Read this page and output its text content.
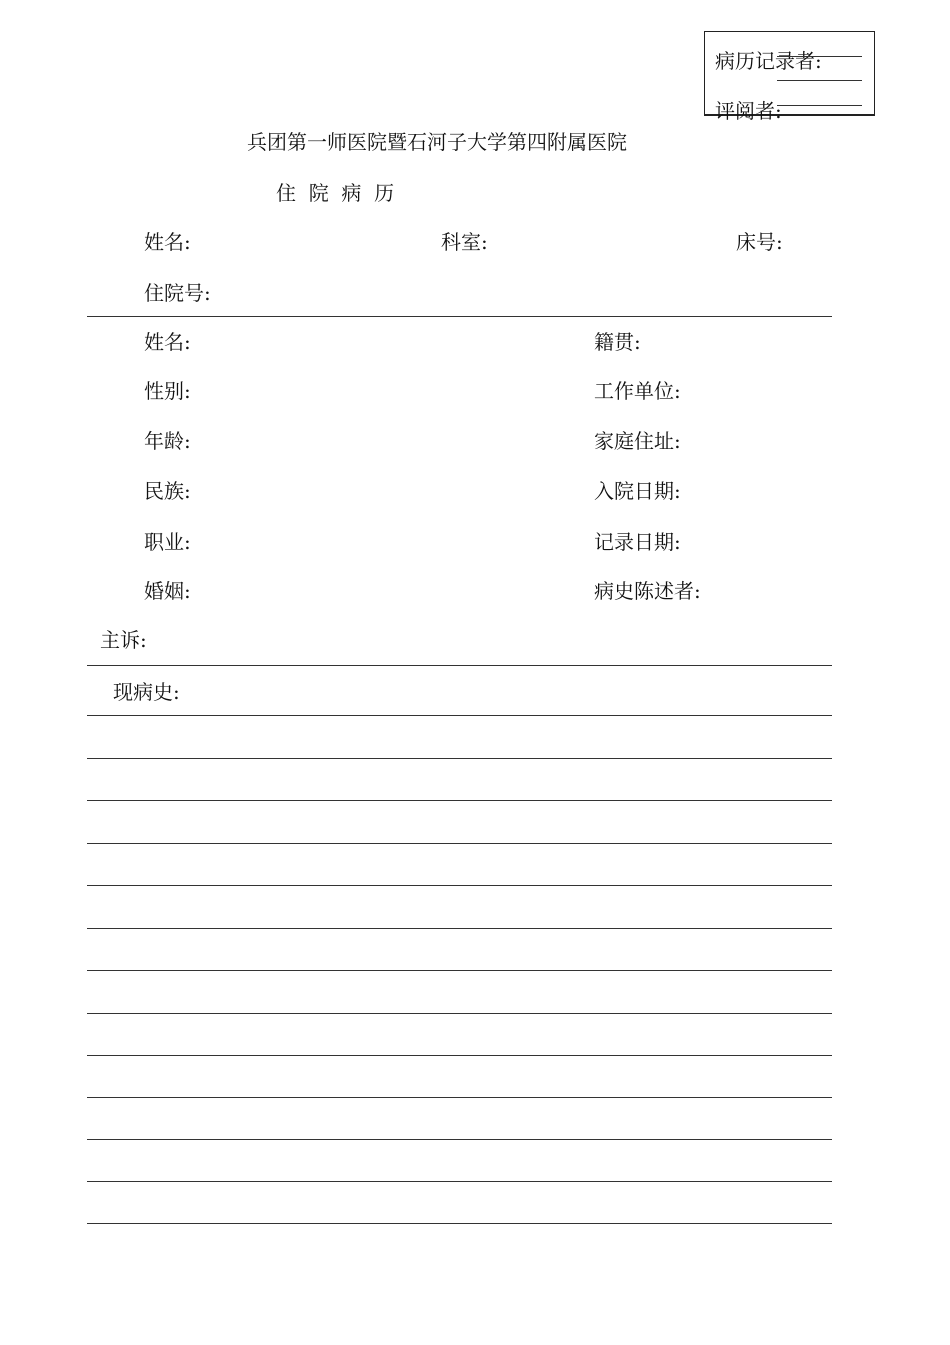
病历记录者:
评阅者:
兵团第一师医院暨石河子大学第四附属医院
住  院  病  历
姓名:	科室:	床号:
住院号:
姓名:
性别:
年龄:
民族:
职业:
婚姻:
籍贯:
工作单位:
家庭住址:
入院日期:
记录日期:
病史陈述者:
主诉:
现病史:
